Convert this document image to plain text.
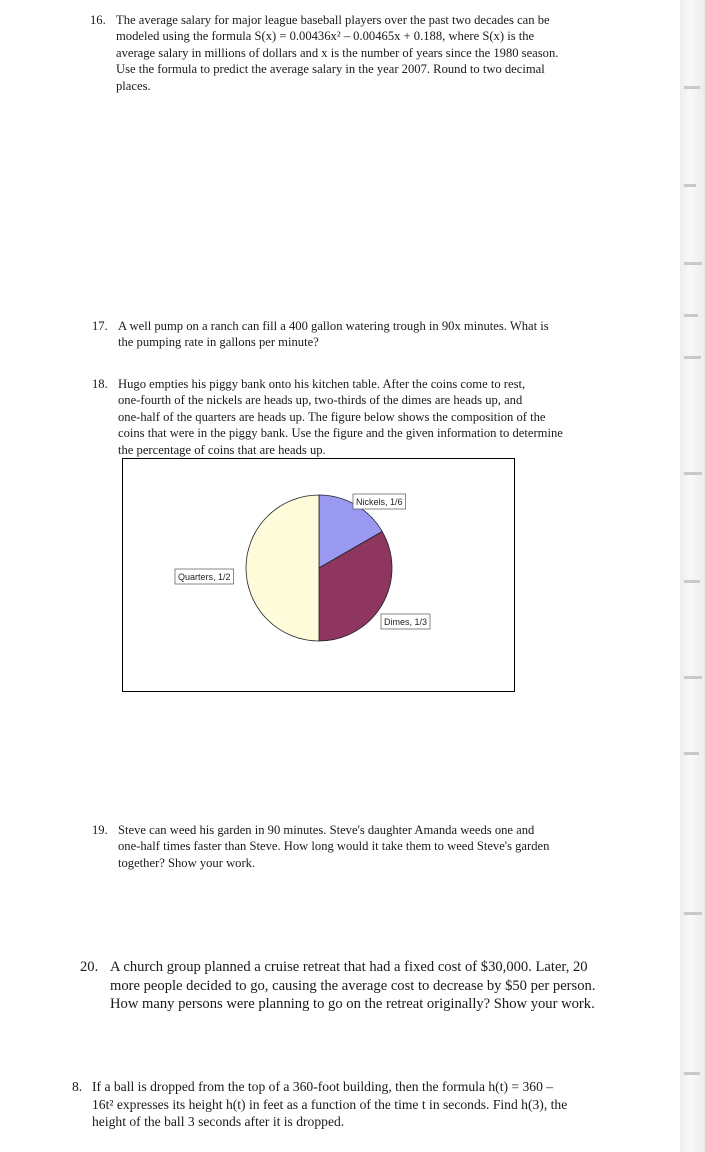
16. The average salary for major league baseball players over the past two decades can be
modeled using the formula S(x) = 0.00436x² – 0.00465x + 0.188, where S(x) is the
average salary in millions of dollars and x is the number of years since the 1980 season.
Use the formula to predict the average salary in the year 2007. Round to two decimal
places.
17. A well pump on a ranch can fill a 400 gallon watering trough in 90x minutes. What is
the pumping rate in gallons per minute?
18. Hugo empties his piggy bank onto his kitchen table. After the coins come to rest,
one-fourth of the nickels are heads up, two-thirds of the dimes are heads up, and
one-half of the quarters are heads up. The figure below shows the composition of the
coins that were in the piggy bank. Use the figure and the given information to determine
the percentage of coins that are heads up.
Nickels, 1/6
Dimes, 1/3
Quarters, 1/2
19. Steve can weed his garden in 90 minutes. Steve's daughter Amanda weeds one and
one-half times faster than Steve. How long would it take them to weed Steve's garden
together? Show your work.
20. A church group planned a cruise retreat that had a fixed cost of $30,000. Later, 20
more people decided to go, causing the average cost to decrease by $50 per person.
How many persons were planning to go on the retreat originally? Show your work.
8. If a ball is dropped from the top of a 360-foot building, then the formula h(t) = 360 –
16t² expresses its height h(t) in feet as a function of the time t in seconds. Find h(3), the
height of the ball 3 seconds after it is dropped.
